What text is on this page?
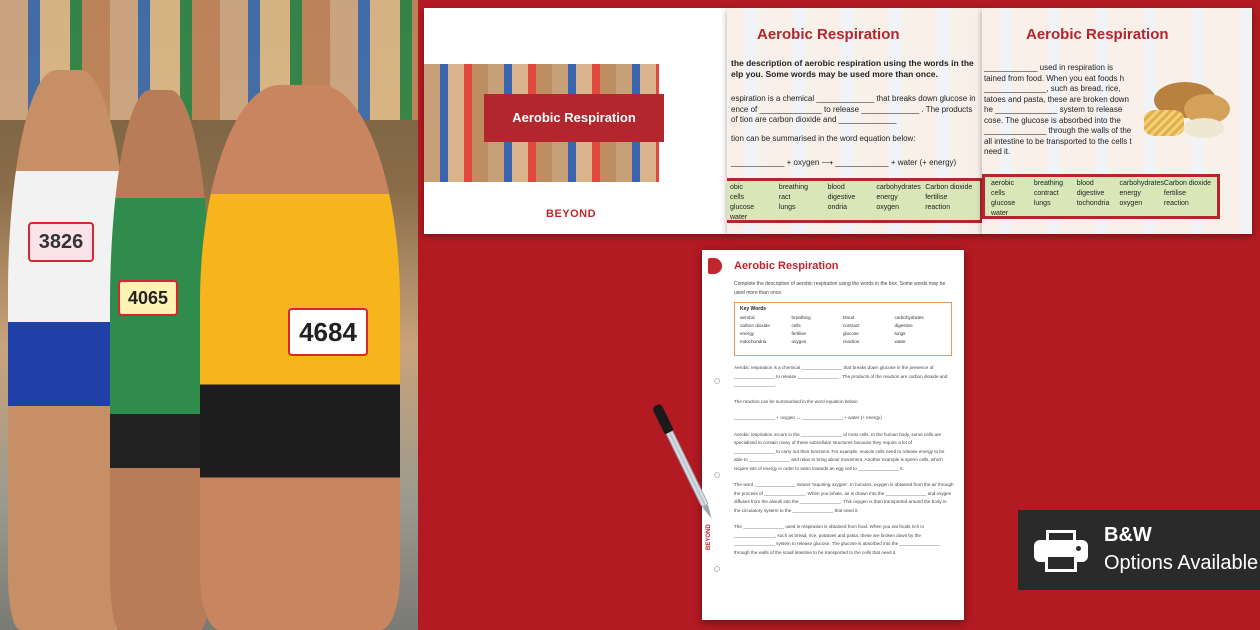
3826
4684
4065
Aerobic Respiration
BEYOND
Aerobic Respiration
the description of aerobic respiration using the words in the elp you. Some words may be used more than once.
espiration is a chemical _____________ that breaks down glucose in ence of ______________ to release _____________ . The products of tion are carbon dioxide and _____________
tion can be summarised in the word equation below:
____________ + oxygen ⟶ ____________ + water (+ energy)
obic	breathing	blood	carbohydrates Carbon dioxide
cells	ract	digestive	energy	fertilise
glucose	lungs	ondria	oxygen	reaction
water
Aerobic Respiration
____________ used in respiration is tained from food. When you eat foods h ______________, such as bread, rice, tatoes and pasta, these are broken down he ______________ system to release cose. The glucose is absorbed into the ______________ through the walls of the all intestine to be transported to the cells t need it.
aerobic	breathing	blood	carbohydrates Carbon dioxide
cells	contract	digestive	energy	fertilise
glucose	lungs	tochondria	oxygen	reaction
water
Aerobic Respiration
Complete the description of aerobic respiration using the words in the box. Some words may be used more than once.
Key Words
aerobic	breathing	blood	carbohydrates
carbon dioxide	cells	contract	digestive
energy	fertilise	glucose	lungs
mitochondria	oxygen	reaction	water

Aerobic respiration is a chemical ________________ that breaks down glucose in the presence of ________________ to release ________________ . The products of the reaction are carbon dioxide and ________________.

The reaction can be summarised in the word equation below:

________________ + oxygen → ________________ + water (+ energy)

Aerobic respiration occurs in the ________________ of most cells. In the human body, some cells are specialised to contain many of these subcellular structures because they require a lot of ________________ to carry out their functions. For example, muscle cells need to release energy to be able to ________________ and relax to bring about movement. Another example is sperm cells, which require lots of energy in order to swim towards an egg cell to ________________ it.

The word ________________ means 'requiring oxygen'. In humans, oxygen is obtained from the air through the process of ________________. When you inhale, air is drawn into the ________________ and oxygen diffuses from the alveoli into the ________________. This oxygen is then transported around the body in the circulatory system to the ________________ that need it.

The ________________ used in respiration is obtained from food. When you eat foods rich in ________________, such as bread, rice, potatoes and pasta, these are broken down by the ________________ system to release glucose. The glucose is absorbed into the ________________ through the walls of the small intestine to be transported to the cells that need it.

BEYOND	B&W
Options Available
